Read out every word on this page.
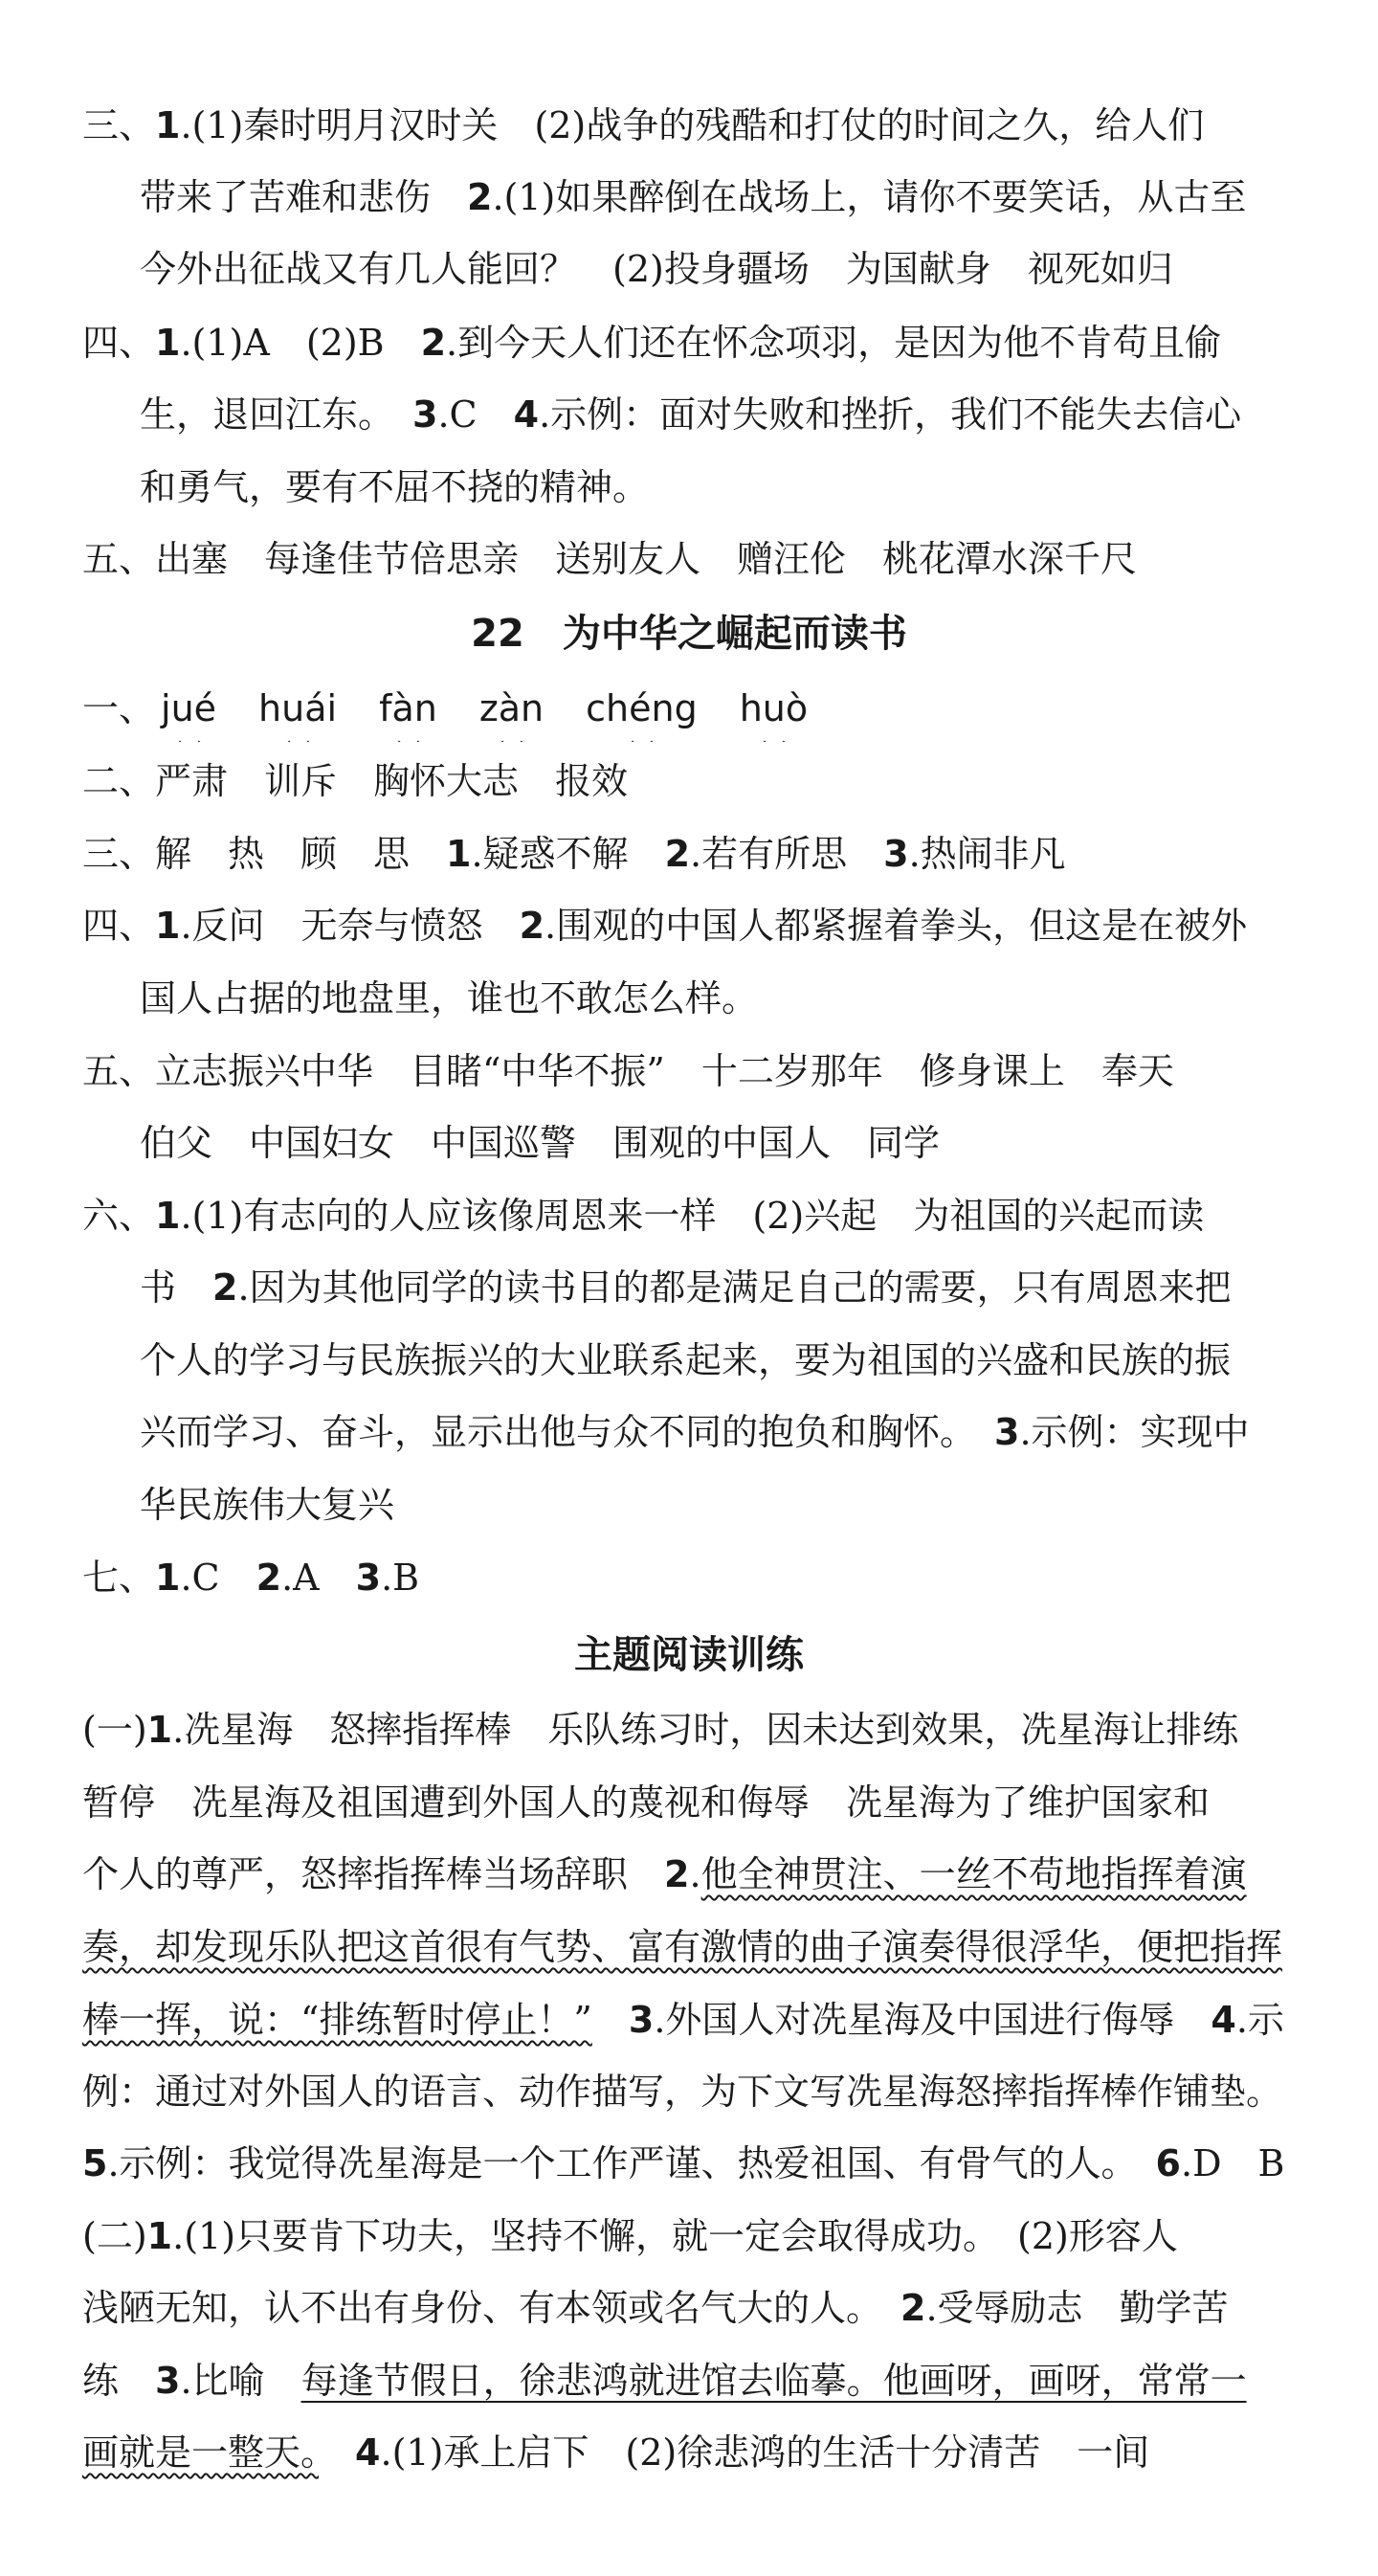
三、1.(1)秦时明月汉时关　(2)战争的残酷和打仗的时间之久，给人们
带来了苦难和悲伤　2.(1)如果醉倒在战场上，请你不要笑话，从古至
今外出征战又有几人能回？　(2)投身疆场　为国献身　视死如归
四、1.(1)A　(2)B　2.到今天人们还在怀念项羽，是因为他不肯苟且偷
生，退回江东。　3.C　4.示例：面对失败和挫折，我们不能失去信心
和勇气，要有不屈不挠的精神。
五、出塞　每逢佳节倍思亲　送别友人　赠汪伦　桃花潭水深千尺
22　为中华之崛起而读书
一、 jué huái fàn zàn chéng huò
二、严肃　训斥　胸怀大志　报效
三、解　热　顾　思　1.疑惑不解　2.若有所思　3.热闹非凡
四、1.反问　无奈与愤怒　2.围观的中国人都紧握着拳头，但这是在被外
国人占据的地盘里，谁也不敢怎么样。
五、立志振兴中华　目睹“中华不振”　十二岁那年　修身课上　奉天
伯父　中国妇女　中国巡警　围观的中国人　同学
六、1.(1)有志向的人应该像周恩来一样　(2)兴起　为祖国的兴起而读
书　2.因为其他同学的读书目的都是满足自己的需要，只有周恩来把
个人的学习与民族振兴的大业联系起来，要为祖国的兴盛和民族的振
兴而学习、奋斗，显示出他与众不同的抱负和胸怀。　3.示例：实现中
华民族伟大复兴
七、1.C　2.A　3.B
主题阅读训练
(一)1.冼星海　怒摔指挥棒　乐队练习时，因未达到效果，冼星海让排练
暂停　冼星海及祖国遭到外国人的蔑视和侮辱　冼星海为了维护国家和
个人的尊严，怒摔指挥棒当场辞职　2.他全神贯注、一丝不苟地指挥着演
奏，却发现乐队把这首很有气势、富有激情的曲子演奏得很浮华，便把指挥
棒一挥，说：“排练暂时停止！”　 3.外国人对冼星海及中国进行侮辱　4.示
例：通过对外国人的语言、动作描写，为下文写冼星海怒摔指挥棒作铺垫。
5.示例：我觉得冼星海是一个工作严谨、热爱祖国、有骨气的人。　6.D　B
(二)1.(1)只要肯下功夫，坚持不懈，就一定会取得成功。　(2)形容人
浅陋无知，认不出有身份、有本领或名气大的人。　2.受辱励志　勤学苦
练　3.比喻　每逢节假日，徐悲鸿就进馆去临摹。他画呀，画呀，常常一
画就是一整天。　 4.(1)承上启下　(2)徐悲鸿的生活十分清苦　一间
